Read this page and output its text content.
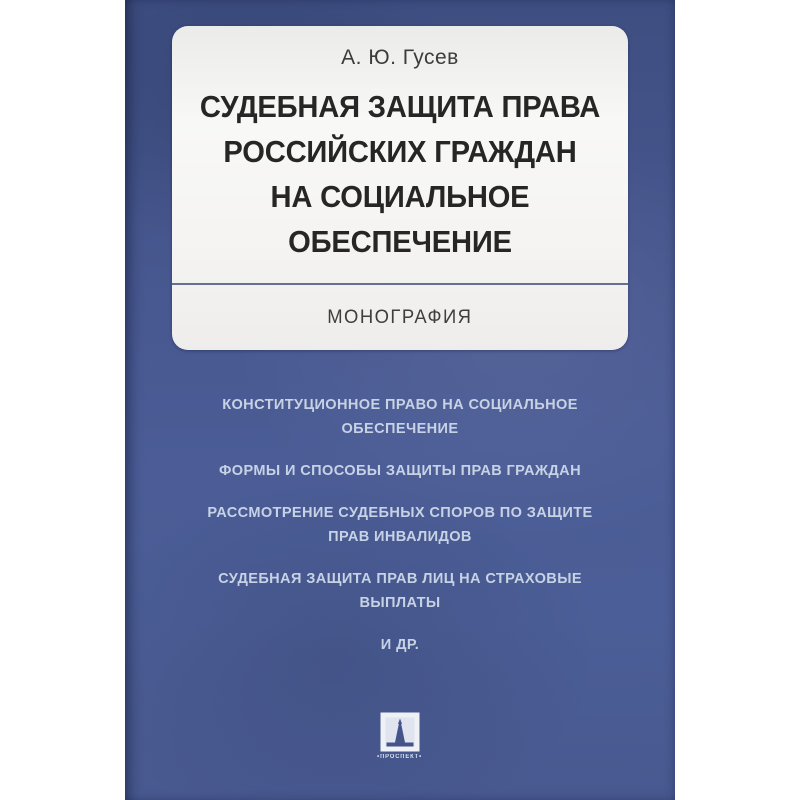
А. Ю. Гусев
СУДЕБНАЯ ЗАЩИТА ПРАВА
РОССИЙСКИХ ГРАЖДАН
НА СОЦИАЛЬНОЕ
ОБЕСПЕЧЕНИЕ
МОНОГРАФИЯ
КОНСТИТУЦИОННОЕ ПРАВО НА СОЦИАЛЬНОЕ
ОБЕСПЕЧЕНИЕ
ФОРМЫ И СПОСОБЫ ЗАЩИТЫ ПРАВ ГРАЖДАН
РАССМОТРЕНИЕ СУДЕБНЫХ СПОРОВ ПО ЗАЩИТЕ
ПРАВ ИНВАЛИДОВ
СУДЕБНАЯ ЗАЩИТА ПРАВ ЛИЦ НА СТРАХОВЫЕ
ВЫПЛАТЫ
И ДР.
•ПРОСПЕКТ•
